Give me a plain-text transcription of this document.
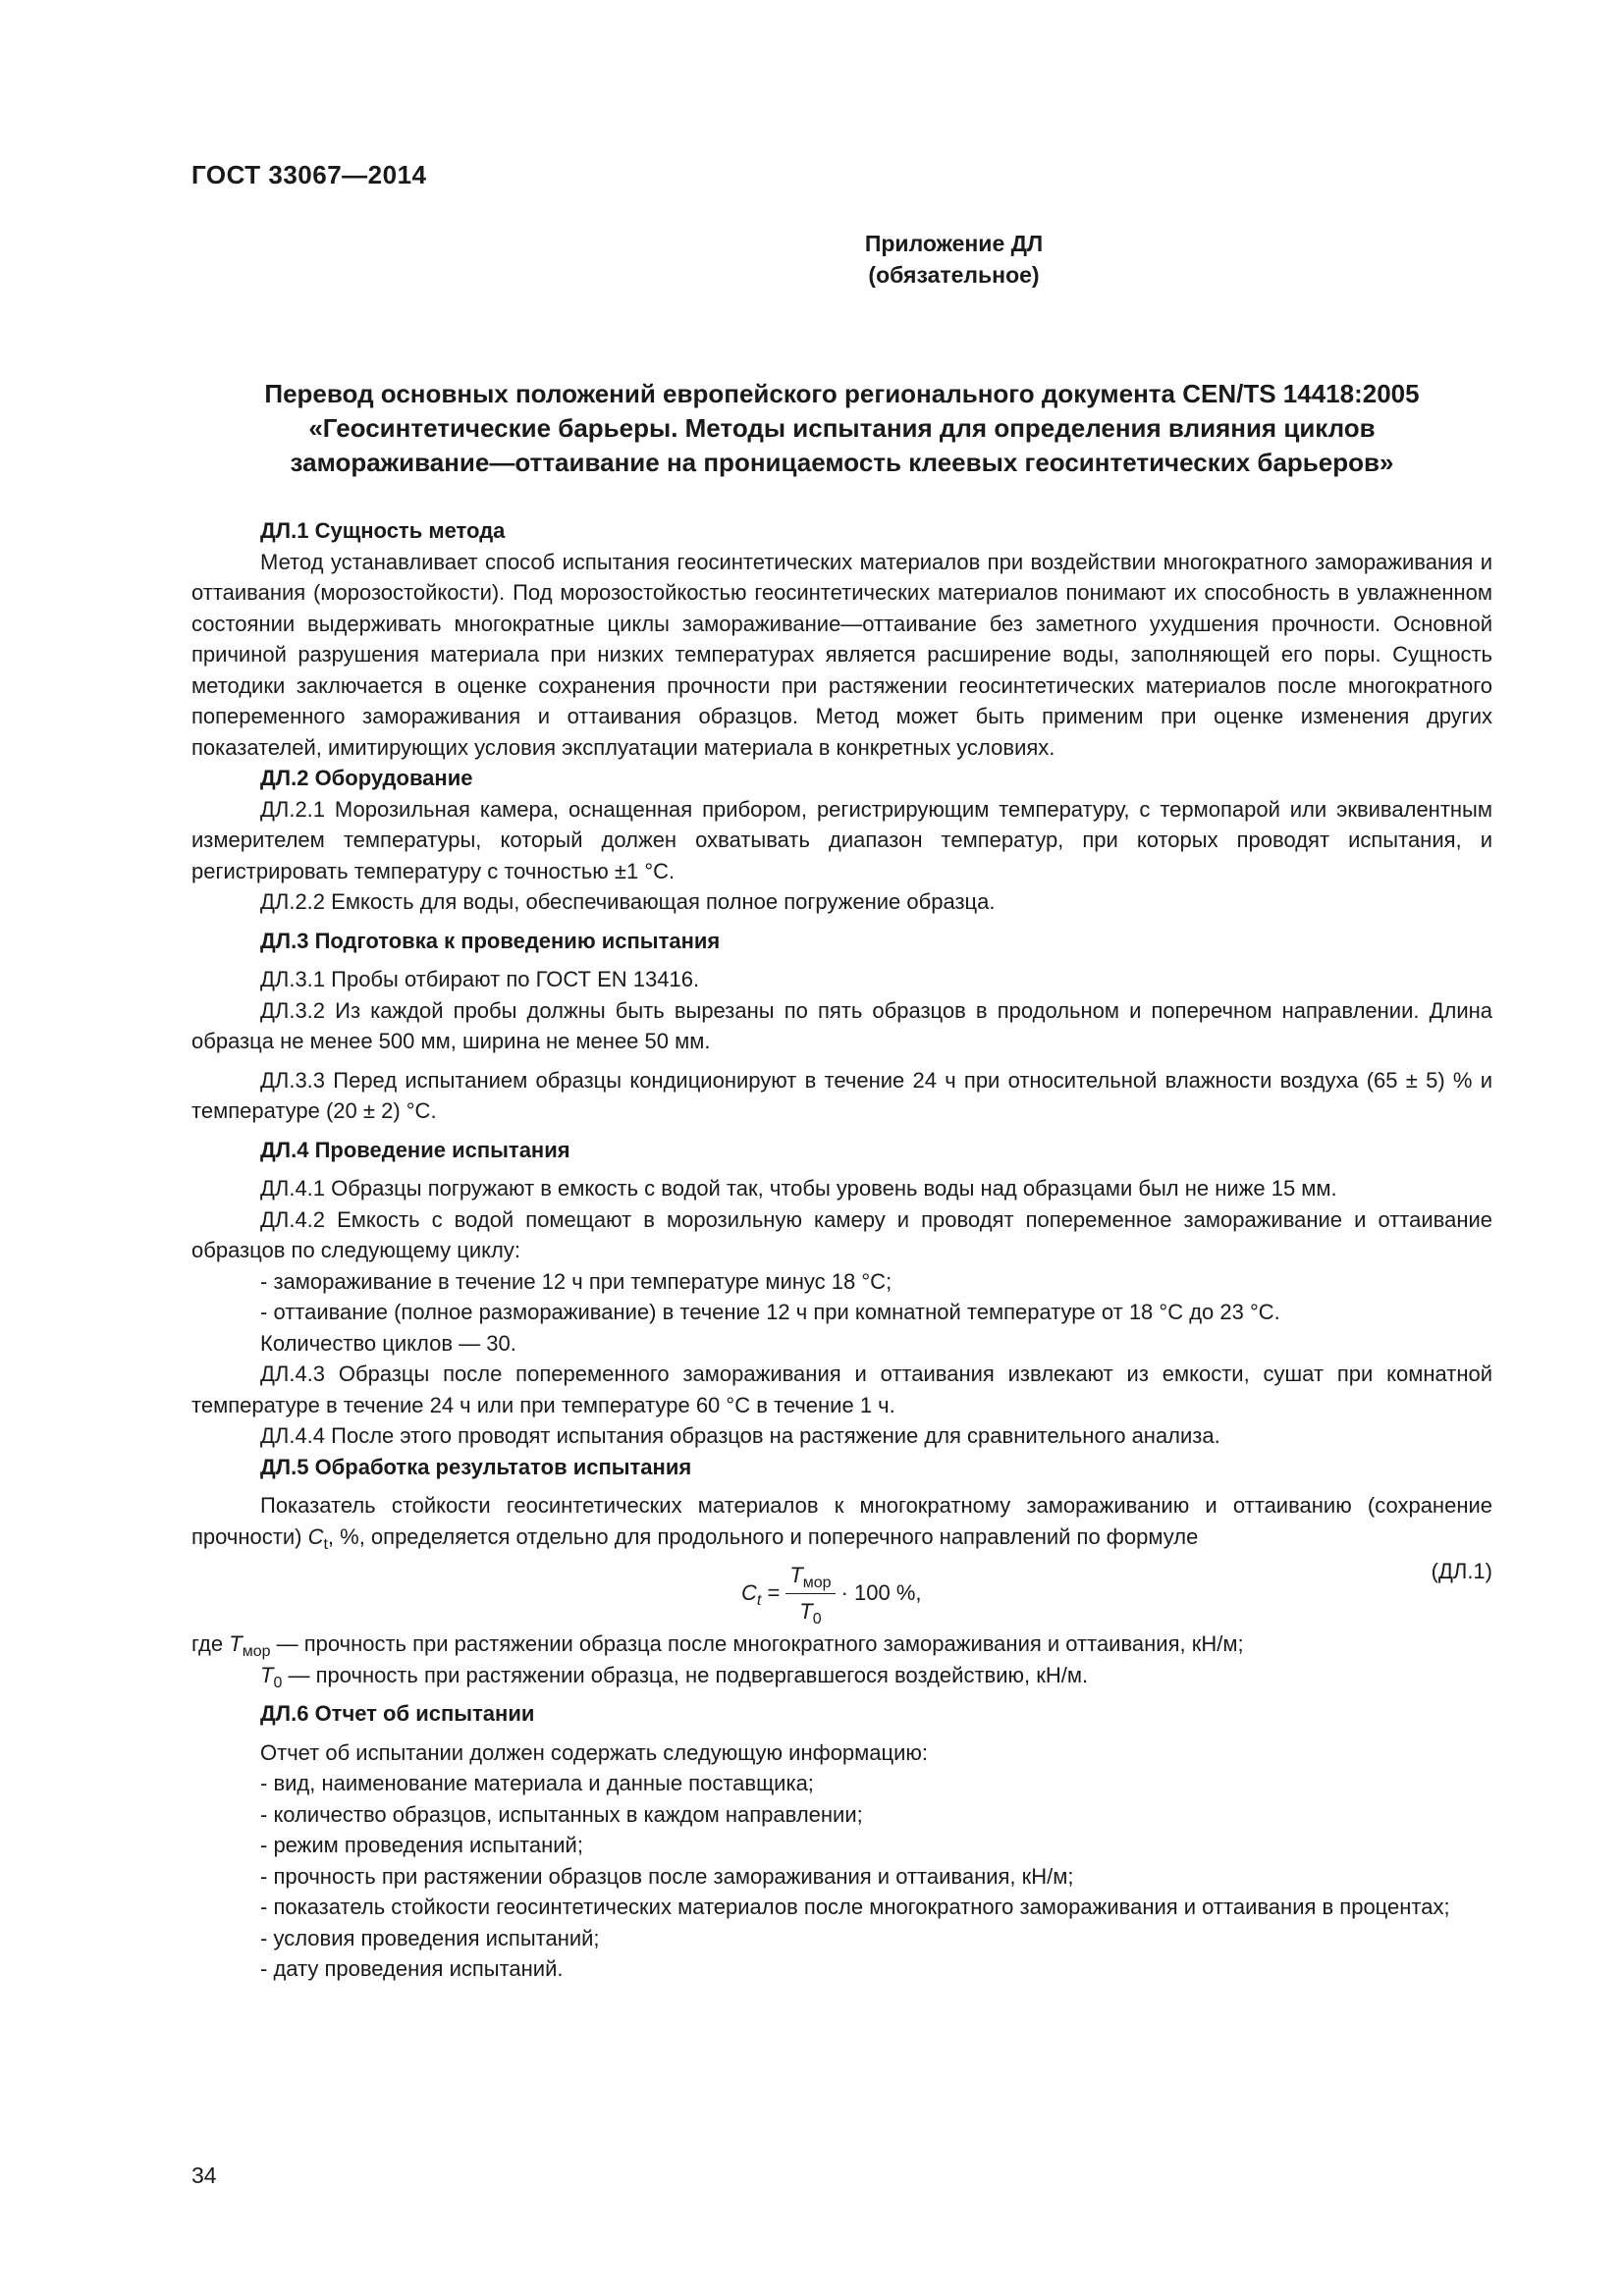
ГОСТ 33067—2014
Приложение ДЛ
(обязательное)
Перевод основных положений европейского регионального документа CEN/TS 14418:2005
«Геосинтетические барьеры. Методы испытания для определения влияния циклов
замораживание—оттаивание на проницаемость клеевых геосинтетических барьеров»
ДЛ.1 Сущность метода

Метод устанавливает способ испытания геосинтетических материалов при воздействии многократного замораживания и оттаивания (морозостойкости). Под морозостойкостью геосинтетических материалов понимают их способность в увлажненном состоянии выдерживать многократные циклы замораживание—оттаивание без заметного ухудшения прочности. Основной причиной разрушения материала при низких температурах является расширение воды, заполняющей его поры. Сущность методики заключается в оценке сохранения прочности при растяжении геосинтетических материалов после многократного попеременного замораживания и оттаивания образцов. Метод может быть применим при оценке изменения других показателей, имитирующих условия эксплуатации материала в конкретных условиях.

ДЛ.2 Оборудование

ДЛ.2.1 Морозильная камера, оснащенная прибором, регистрирующим температуру, с термопарой или эквивалентным измерителем температуры, который должен охватывать диапазон температур, при которых проводят испытания, и регистрировать температуру с точностью ±1 °С.

ДЛ.2.2 Емкость для воды, обеспечивающая полное погружение образца.

ДЛ.3 Подготовка к проведению испытания

ДЛ.3.1 Пробы отбирают по ГОСТ EN 13416.

ДЛ.3.2 Из каждой пробы должны быть вырезаны по пять образцов в продольном и поперечном направлении. Длина образца не менее 500 мм, ширина не менее 50 мм.

ДЛ.3.3 Перед испытанием образцы кондиционируют в течение 24 ч при относительной влажности воздуха (65 ± 5) % и температуре (20 ± 2) °С.

ДЛ.4 Проведение испытания

ДЛ.4.1 Образцы погружают в емкость с водой так, чтобы уровень воды над образцами был не ниже 15 мм.

ДЛ.4.2 Емкость с водой помещают в морозильную камеру и проводят попеременное замораживание и оттаивание образцов по следующему циклу:

- замораживание в течение 12 ч при температуре минус 18 °С;

- оттаивание (полное размораживание) в течение 12 ч при комнатной температуре от 18 °С до 23 °С.

Количество циклов — 30.

ДЛ.4.3 Образцы после попеременного замораживания и оттаивания извлекают из емкости, сушат при комнатной температуре в течение 24 ч или при температуре 60 °С в течение 1 ч.

ДЛ.4.4 После этого проводят испытания образцов на растяжение для сравнительного анализа.

ДЛ.5 Обработка результатов испытания

Показатель стойкости геосинтетических материалов к многократному замораживанию и оттаиванию (сохранение прочности) $C_t$, %, определяется отдельно для продольного и поперечного направлений по формуле

$C_t = \frac{T_{мор}}{T_0} \cdot 100$ %,
(ДЛ.1)

где $T_{мор}$ — прочность при растяжении образца после многократного замораживания и оттаивания, кН/м;

$T_0$ — прочность при растяжении образца, не подвергавшегося воздействию, кН/м.

ДЛ.6 Отчет об испытании

Отчет об испытании должен содержать следующую информацию:

- вид, наименование материала и данные поставщика;

- количество образцов, испытанных в каждом направлении;

- режим проведения испытаний;

- прочность при растяжении образцов после замораживания и оттаивания, кН/м;

- показатель стойкости геосинтетических материалов после многократного замораживания и оттаивания в процентах;

- условия проведения испытаний;

- дату проведения испытаний.

34
